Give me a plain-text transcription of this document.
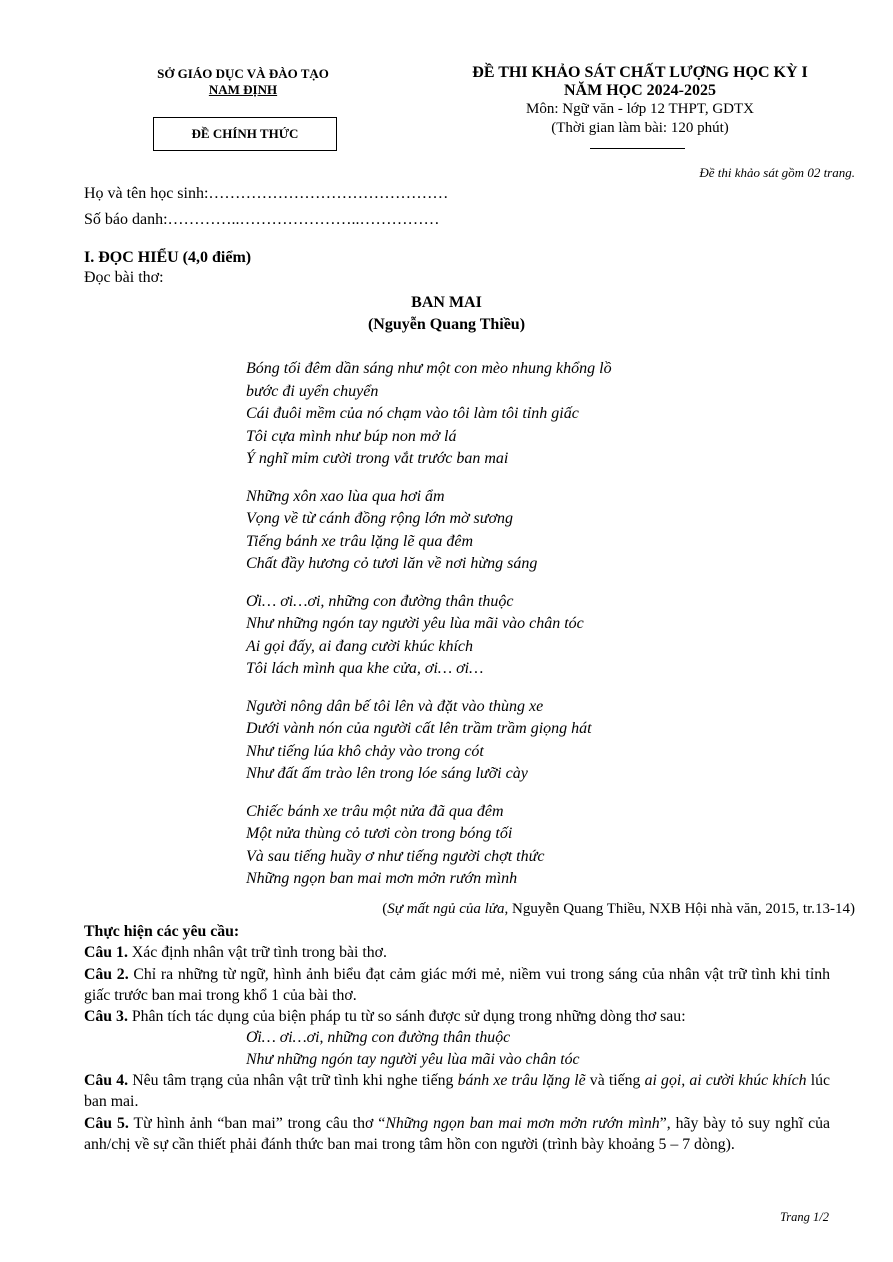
SỞ GIÁO DỤC VÀ ĐÀO TẠO
NAM ĐỊNH
ĐỀ CHÍNH THỨC
ĐỀ THI KHẢO SÁT CHẤT LƯỢNG HỌC KỲ I
NĂM HỌC 2024-2025
Môn: Ngữ văn - lớp 12 THPT, GDTX
(Thời gian làm bài: 120 phút)
Đề thi khảo sát gồm 02 trang.
Họ và tên học sinh:………………………………………
Số báo danh:…………..…………………..……………
I. ĐỌC HIỂU (4,0 điểm)
Đọc bài thơ:
BAN MAI
(Nguyễn Quang Thiều)
Bóng tối đêm dần sáng như một con mèo nhung khổng lồ
bước đi uyển chuyển
Cái đuôi mềm của nó chạm vào tôi làm tôi tỉnh giấc
Tôi cựa mình như búp non mở lá
Ý nghĩ mỉm cười trong vắt trước ban mai
Những xôn xao lùa qua hơi ẩm
Vọng về từ cánh đồng rộng lớn mờ sương
Tiếng bánh xe trâu lặng lẽ qua đêm
Chất đầy hương cỏ tươi lăn về nơi hừng sáng
Ơi… ơi…ơi, những con đường thân thuộc
Như những ngón tay người yêu lùa mãi vào chân tóc
Ai gọi đấy, ai đang cười khúc khích
Tôi lách mình qua khe cửa, ơi… ơi…
Người nông dân bế tôi lên và đặt vào thùng xe
Dưới vành nón của người cất lên trầm trầm giọng hát
Như tiếng lúa khô chảy vào trong cót
Như đất ấm trào lên trong lóe sáng lưỡi cày
Chiếc bánh xe trâu một nửa đã qua đêm
Một nửa thùng cỏ tươi còn trong bóng tối
Và sau tiếng huầy ơ như tiếng người chợt thức
Những ngọn ban mai mơn mởn rướn mình
(Sự mất ngủ của lửa, Nguyễn Quang Thiều, NXB Hội nhà văn, 2015, tr.13-14)

Thực hiện các yêu cầu:

Câu 1. Xác định nhân vật trữ tình trong bài thơ.

Câu 2. Chỉ ra những từ ngữ, hình ảnh biểu đạt cảm giác mới mẻ, niềm vui trong sáng của nhân vật trữ tình khi tỉnh giấc trước ban mai trong khổ 1 của bài thơ.

Câu 3. Phân tích tác dụng của biện pháp tu từ so sánh được sử dụng trong những dòng thơ sau:

Ơi… ơi…ơi, những con đường thân thuộc

Như những ngón tay người yêu lùa mãi vào chân tóc

Câu 4. Nêu tâm trạng của nhân vật trữ tình khi nghe tiếng bánh xe trâu lặng lẽ và tiếng ai gọi, ai cười khúc khích lúc ban mai.

Câu 5. Từ hình ảnh “ban mai” trong câu thơ “Những ngọn ban mai mơn mởn rướn mình”, hãy bày tỏ suy nghĩ của anh/chị về sự cần thiết phải đánh thức ban mai trong tâm hồn con người (trình bày khoảng 5 – 7 dòng).

Trang 1/2
